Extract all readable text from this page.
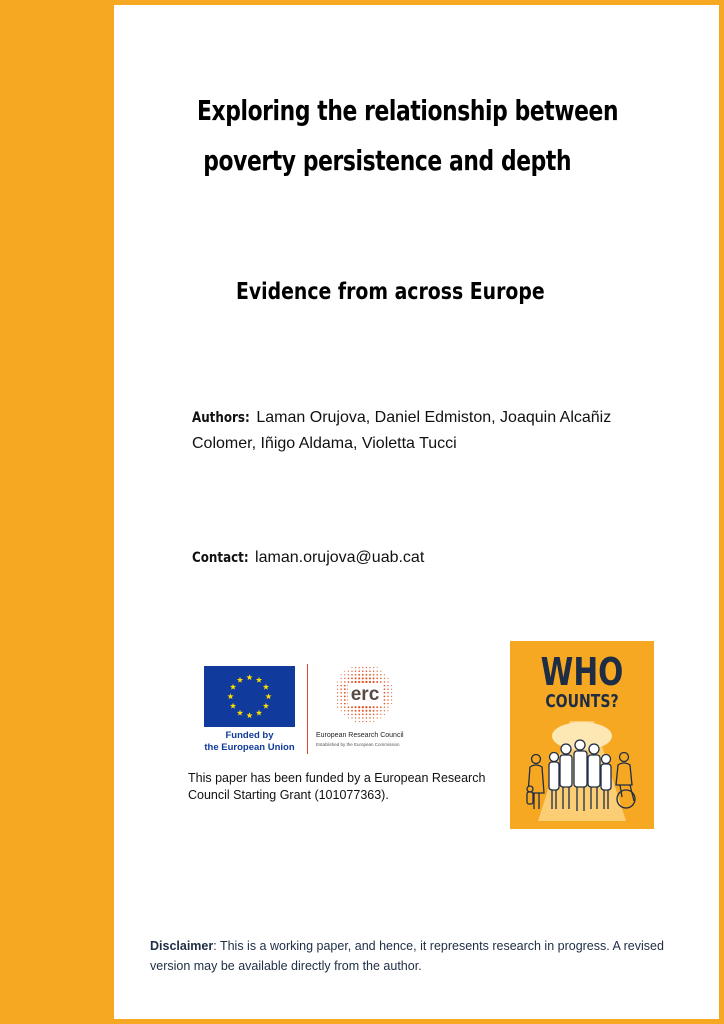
Exploring the relationship between
poverty persistence and depth
Evidence from across Europe
Authors: Laman Orujova, Daniel Edmiston, Joaquin Alcañiz Colomer, Iñigo Aldama, Violetta Tucci
Contact: laman.orujova@uab.cat
Funded by
the European Union
erc
European Research Council
Established by the European Commission
This paper has been funded by a European Research Council Starting Grant (101077363).
WHO
COUNTS?
Disclaimer: This is a working paper, and hence, it represents research in progress. A revised version may be available directly from the author.
